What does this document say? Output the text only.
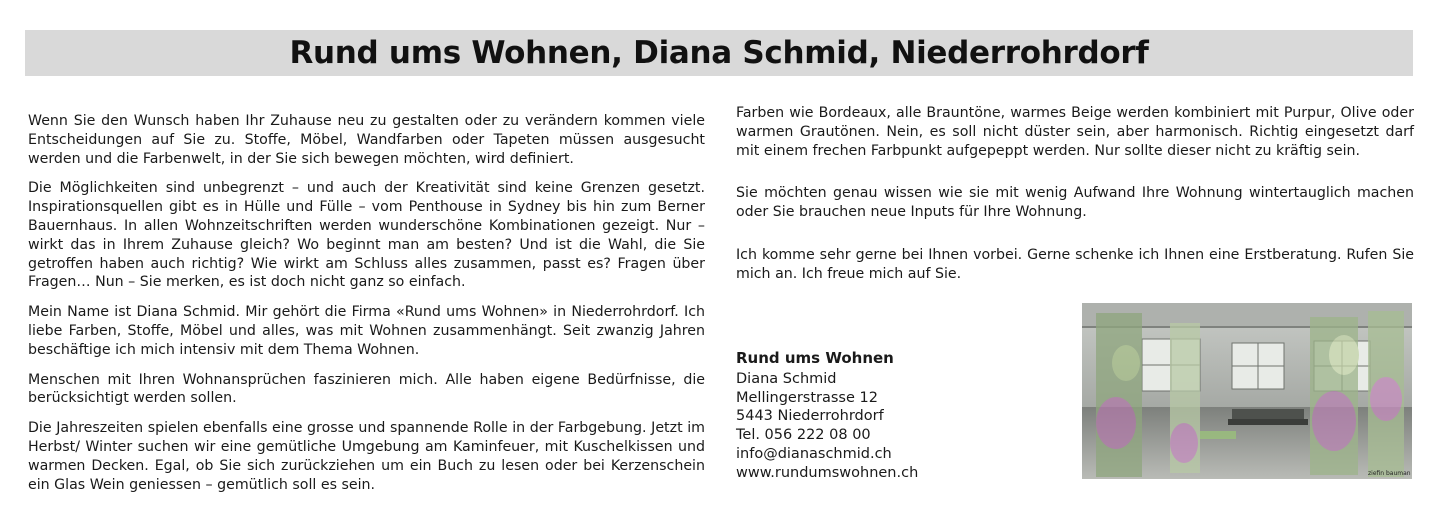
Rund ums Wohnen, Diana Schmid, Niederrohrdorf

Wenn Sie den Wunsch haben Ihr Zuhause neu zu gestalten oder zu verändern kommen viele Entscheidungen auf Sie zu. Stoffe, Möbel, Wandfarben oder Tapeten müssen ausgesucht werden und die Farbenwelt, in der Sie sich bewegen möchten, wird definiert.

Die Möglichkeiten sind unbegrenzt – und auch der Kreativität sind keine Grenzen gesetzt. Inspirationsquellen gibt es in Hülle und Fülle – vom Penthouse in Sydney bis hin zum Berner Bauernhaus. In allen Wohnzeitschriften werden wunderschöne Kombinationen gezeigt. Nur – wirkt das in Ihrem Zuhause gleich? Wo beginnt man am besten? Und ist die Wahl, die Sie getroffen haben auch richtig? Wie wirkt am Schluss alles zusammen, passt es? Fragen über Fragen… Nun – Sie merken, es ist doch nicht ganz so einfach.

Mein Name ist Diana Schmid. Mir gehört die Firma «Rund ums Wohnen» in Niederrohrdorf. Ich liebe Farben, Stoffe, Möbel und alles, was mit Wohnen zusammenhängt. Seit zwanzig Jahren beschäftige ich mich intensiv mit dem Thema Wohnen.

Menschen mit Ihren Wohnansprüchen faszinieren mich. Alle haben eigene Bedürfnisse, die berücksichtigt werden sollen.

Die Jahreszeiten spielen ebenfalls eine grosse und spannende Rolle in der Farbgebung. Jetzt im Herbst/ Winter suchen wir eine gemütliche Umgebung am Kaminfeuer, mit Kuschelkissen und warmen Decken. Egal, ob Sie sich zurückziehen um ein Buch zu lesen oder bei Kerzenschein ein Glas Wein geniessen – gemütlich soll es sein.

Farben wie Bordeaux, alle Brauntöne, warmes Beige werden kombiniert mit Purpur, Olive oder warmen Grautönen. Nein, es soll nicht düster sein, aber harmonisch. Richtig eingesetzt darf mit einem frechen Farbpunkt aufgepeppt werden. Nur sollte dieser nicht zu kräftig sein.

Sie möchten genau wissen wie sie mit wenig Aufwand Ihre Wohnung wintertauglich machen oder Sie brauchen neue Inputs für Ihre Wohnung.

Ich komme sehr gerne bei Ihnen vorbei. Gerne schenke ich Ihnen eine Erstberatung. Rufen Sie mich an. Ich freue mich auf Sie.

Rund ums Wohnen
Diana Schmid
Mellingerstrasse 12
5443 Niederrohrdorf
Tel. 056 222 08 00
info@dianaschmid.ch
www.rundumswohnen.ch	ziefin bauman
